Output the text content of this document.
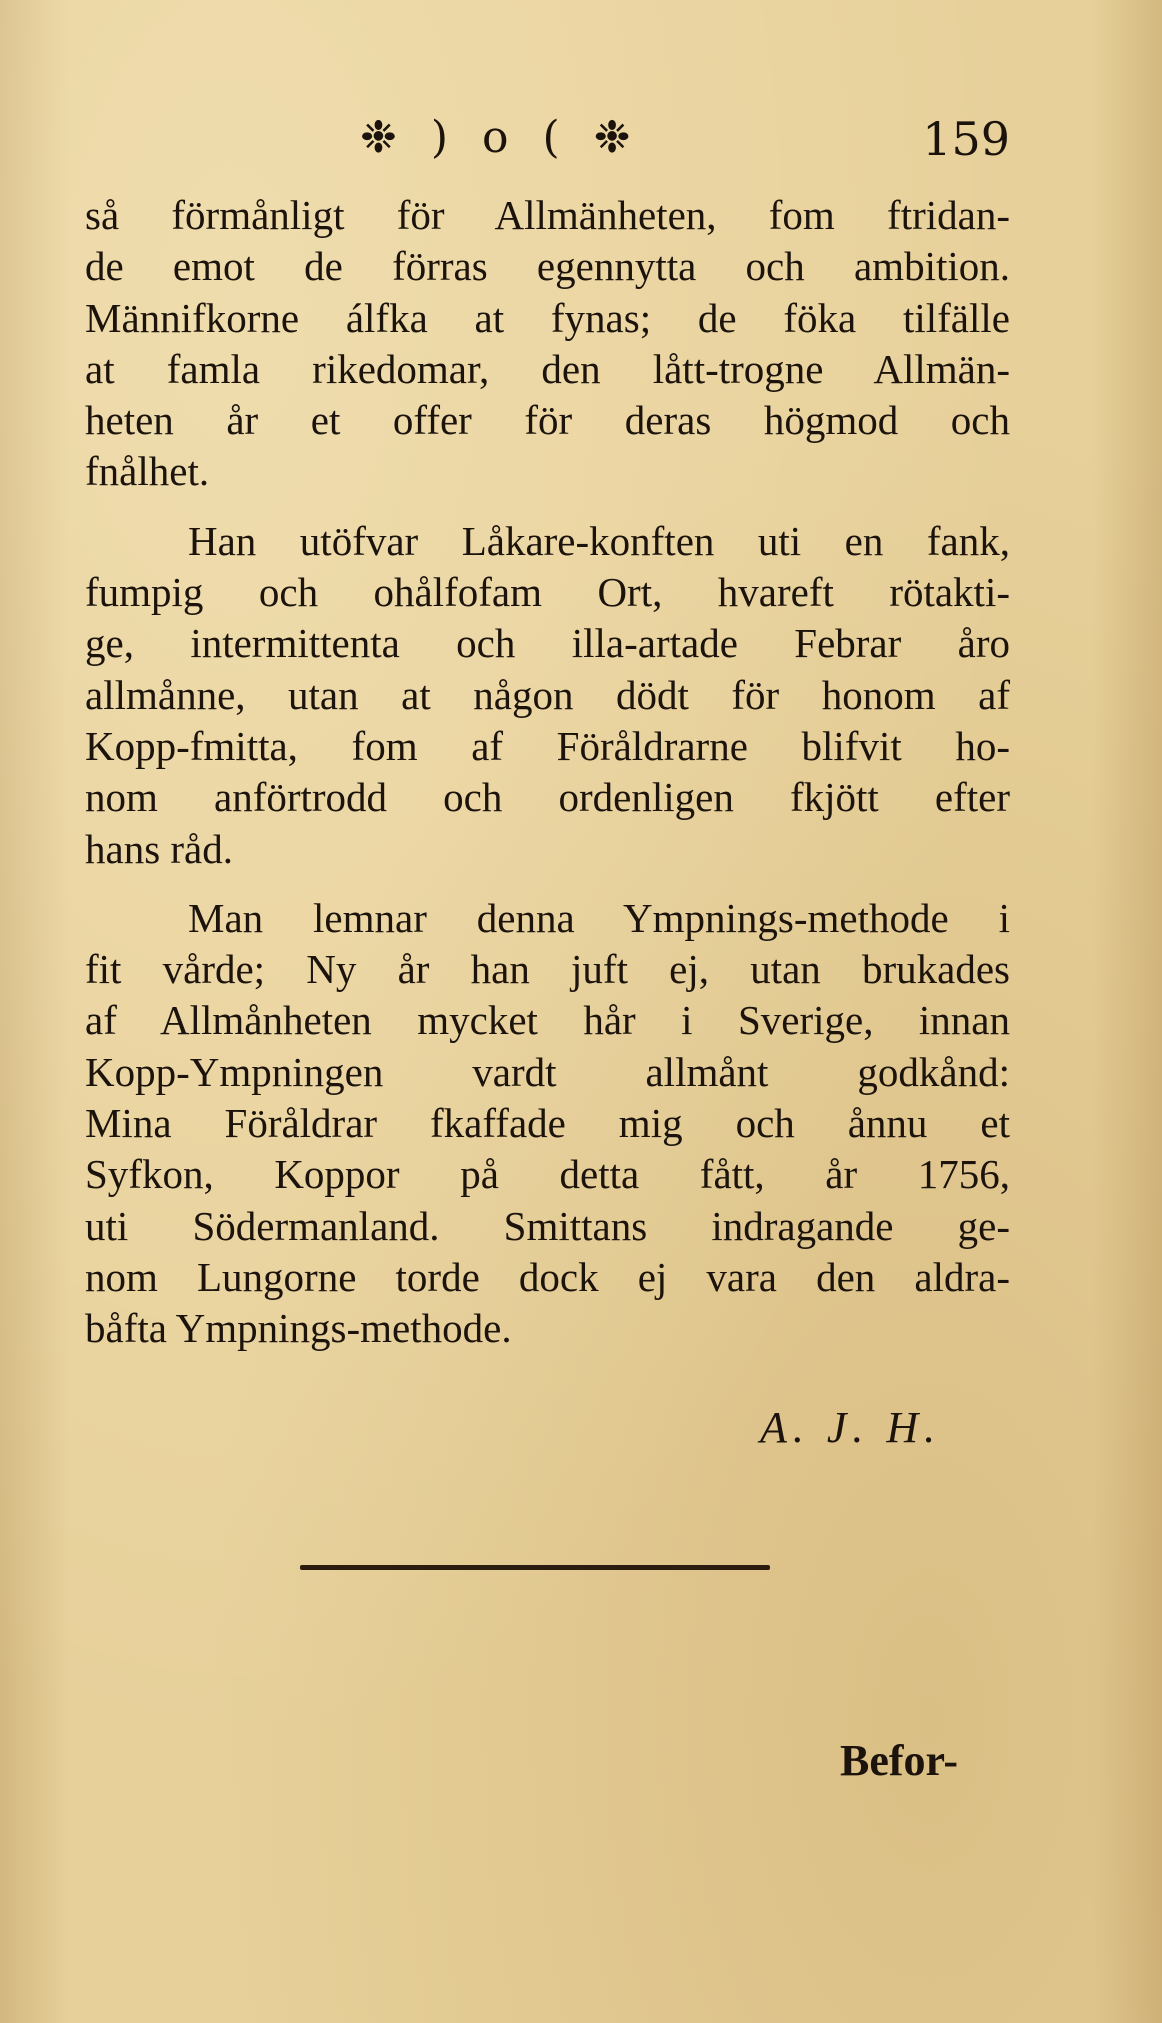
❉ ) o ( ❉	159

så förmånligt för Allmänheten, fom ftridan-
de emot de förras egennytta och ambition.
Männifkorne álfka at fynas; de föka tilfälle
at famla rikedomar, den lått-trogne Allmän-
heten år et offer för deras högmod och
fnålhet.

Han utöfvar Låkare-konften uti en fank,
fumpig och ohålfofam Ort, hvareft rötakti-
ge, intermittenta och illa-artade Febrar åro
allmånne, utan at någon dödt för honom af
Kopp-fmitta, fom af Föråldrarne blifvit ho-
nom anförtrodd och ordenligen fkjött efter
hans råd.

Man lemnar denna Ympnings-methode i
fit vårde; Ny år han juft ej, utan brukades
af Allmånheten mycket hår i Sverige, innan
Kopp-Ympningen vardt allmånt godkånd:
Mina Föråldrar fkaffade mig och ånnu et
Syfkon, Koppor på detta fått, år 1756,
uti Södermanland. Smittans indragande ge-
nom Lungorne torde dock ej vara den aldra-
båfta Ympnings-methode.

A. J. H.
Befor-
